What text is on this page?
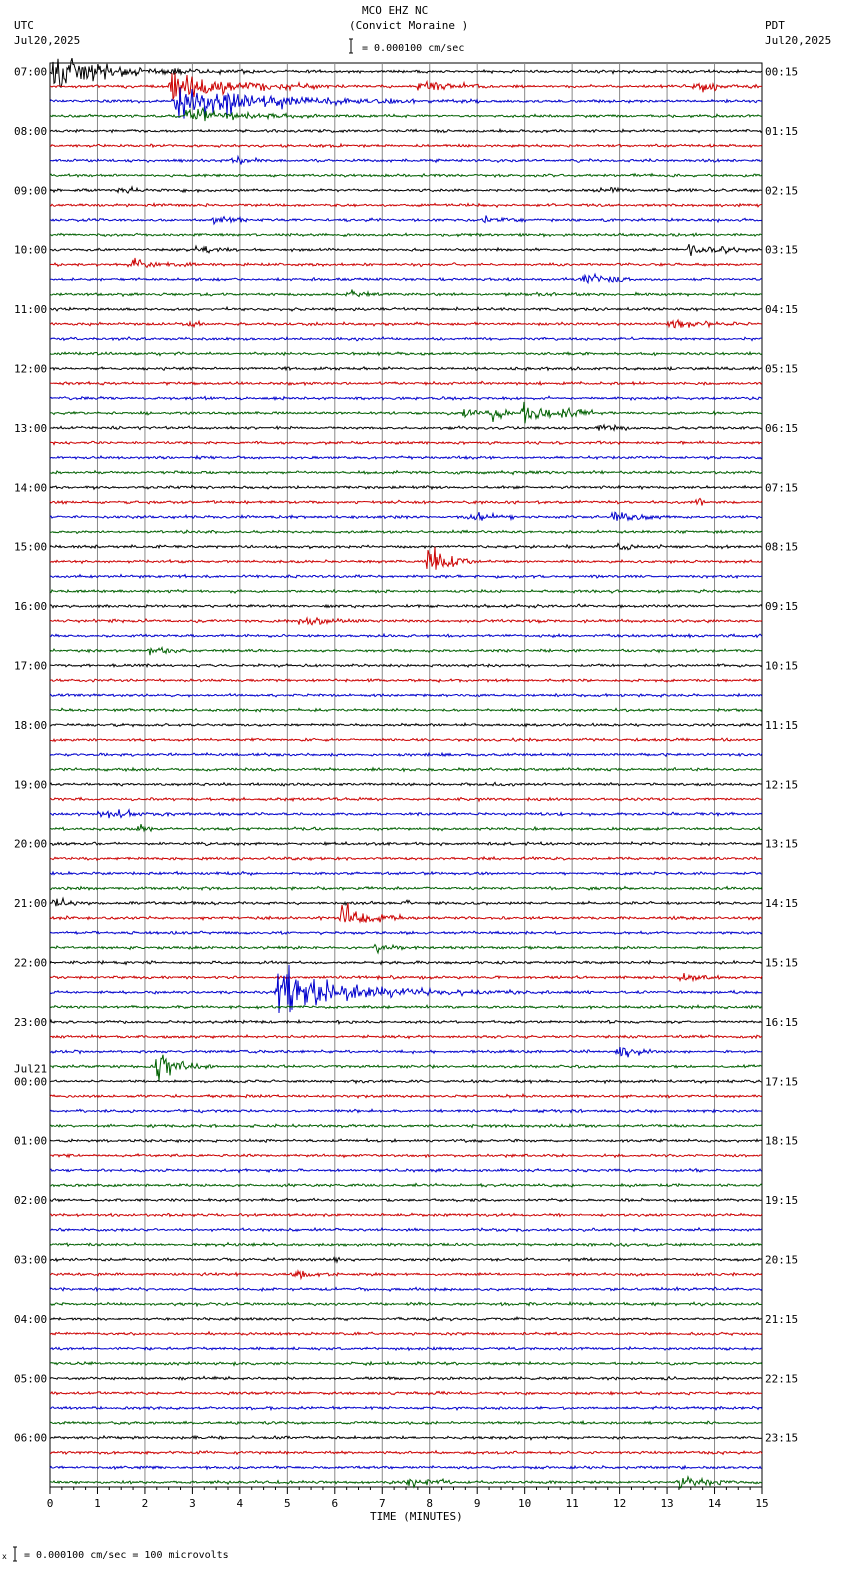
MCO EHZ NC
(Convict Moraine )
= 0.000100 cm/sec
UTC
Jul20,2025
PDT
Jul20,2025
07:00
08:00
09:00
10:00
11:00
12:00
13:00
14:00
15:00
16:00
17:00
18:00
19:00
20:00
21:00
22:00
23:00
00:00
01:00
02:00
03:00
04:00
05:00
06:00
Jul21
00:15
01:15
02:15
03:15
04:15
05:15
06:15
07:15
08:15
09:15
10:15
11:15
12:15
13:15
14:15
15:15
16:15
17:15
18:15
19:15
20:15
21:15
22:15
23:15
0	1	2	3	4	5	6	7	8	9	10	11	12	13	14	15
TIME (MINUTES)
x = 0.000100 cm/sec = 100 microvolts
